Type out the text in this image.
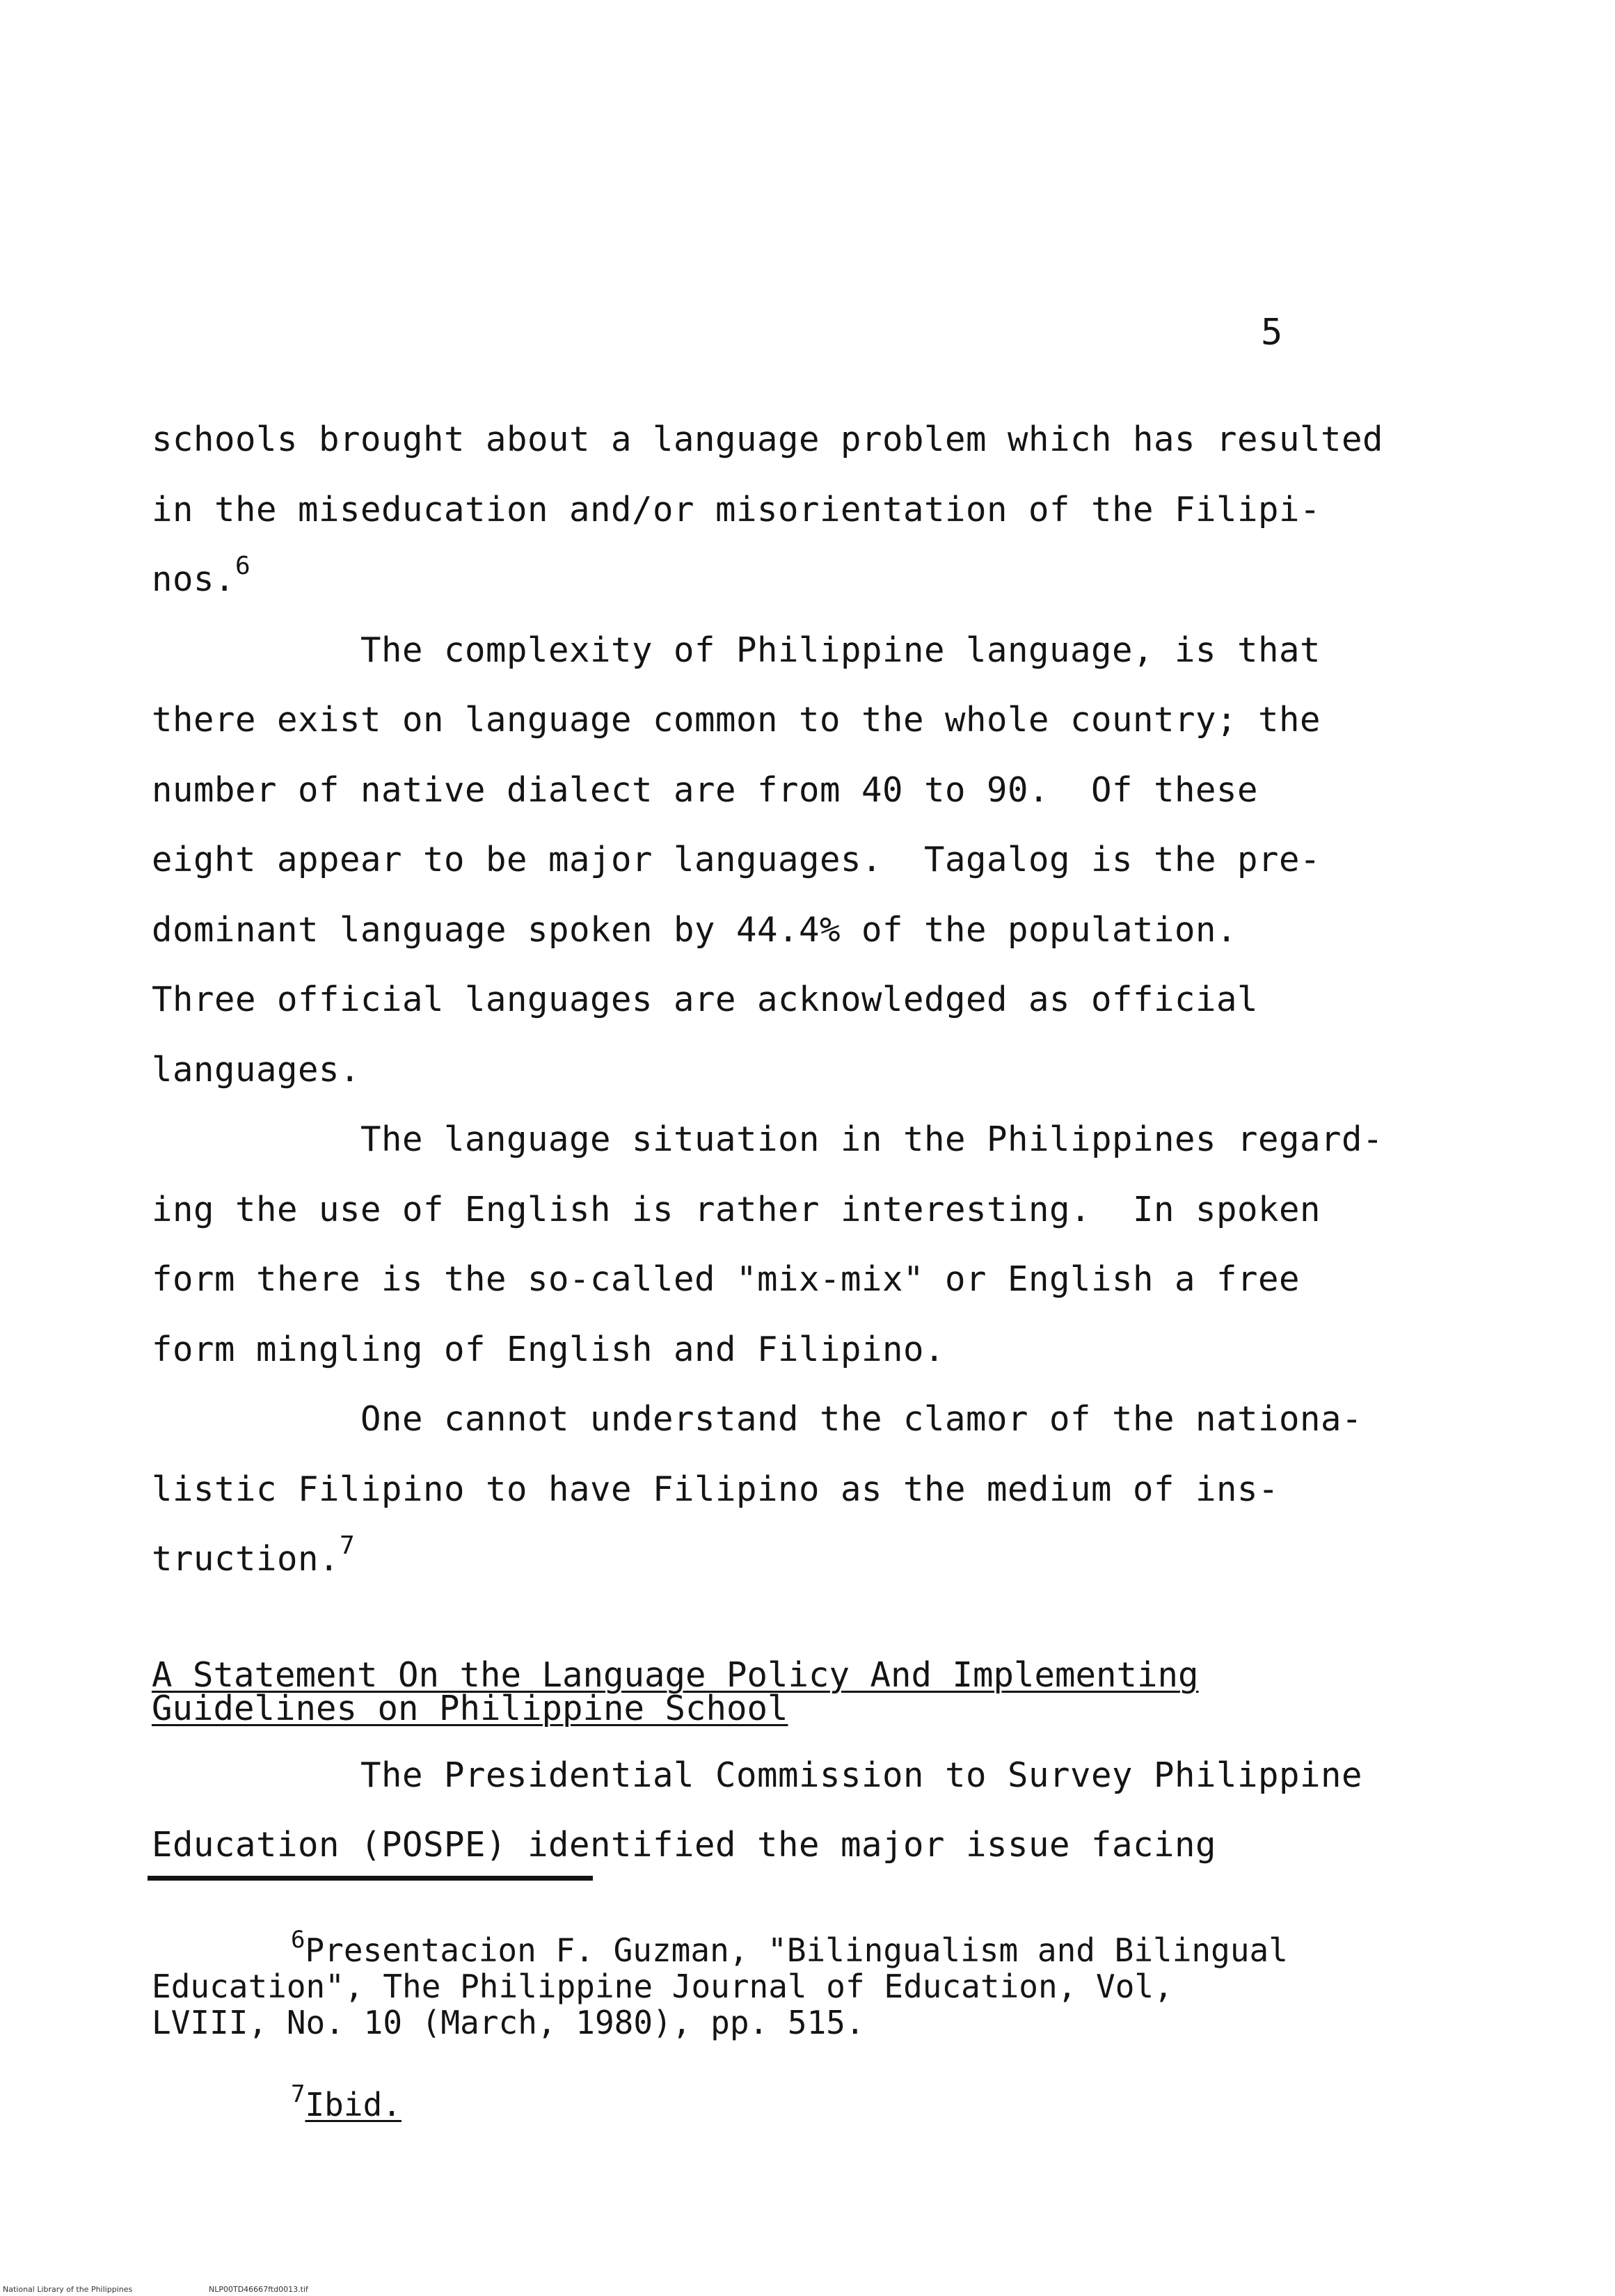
5
schools brought about a language problem which has resulted
in the miseducation and/or misorientation of the Filipi-
nos.$^6$
The complexity of Philippine language, is that
there exist on language common to the whole country; the
number of native dialect are from 40 to 90.  Of these
eight appear to be major languages.  Tagalog is the pre-
dominant language spoken by 44.4% of the population.
Three official languages are acknowledged as official
languages.
The language situation in the Philippines regard-
ing the use of English is rather interesting.  In spoken
form there is the so-called "mix-mix" or English a free
form mingling of English and Filipino.
One cannot understand the clamor of the nationa-
listic Filipino to have Filipino as the medium of ins-
truction.$^7$
A Statement On the Language Policy And Implementing
Guidelines on Philippine School
The Presidential Commission to Survey Philippine
Education (POSPE) identified the major issue facing
$^6$Presentacion F. Guzman, "Bilingualism and Bilingual
Education", The Philippine Journal of Education, Vol,
LVIII, No. 10 (March, 1980), pp. 515.
$^7$Ibid.
National Library of the Philippines	NLP00TD46667ftd0013.tif
